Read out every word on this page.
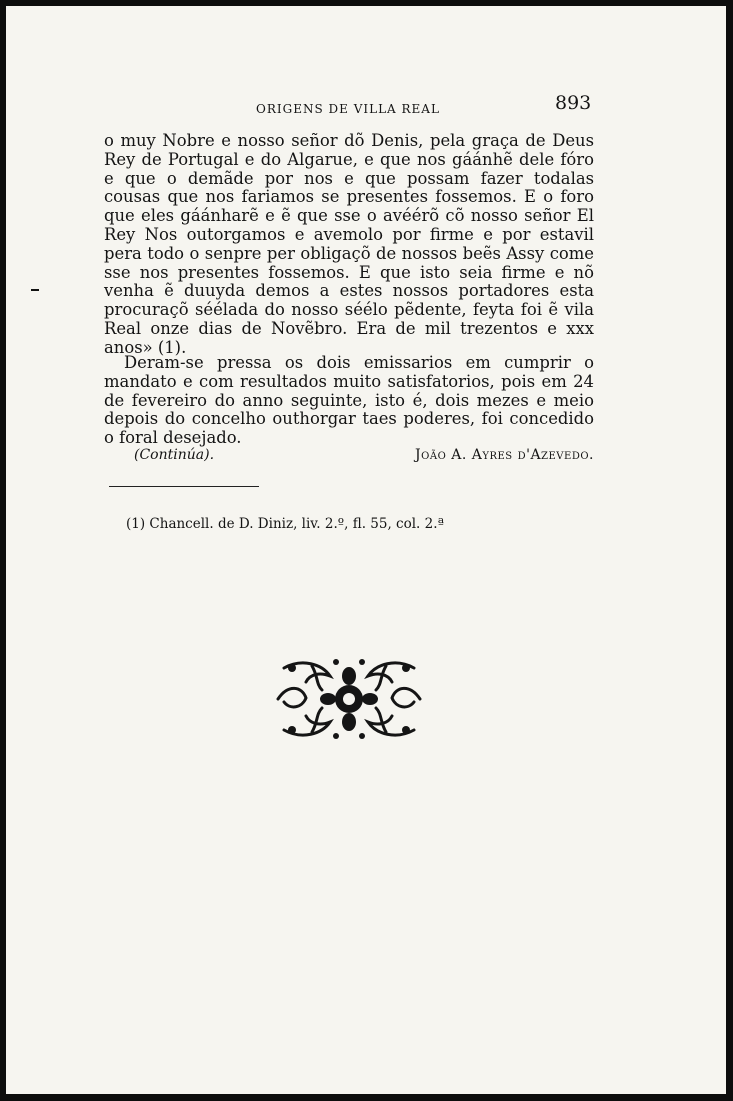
ORIGENS DE VILLA REAL	893

o muy Nobre e nosso señor dõ Denis, pela graça de Deus Rey de Portugal e do Algarue, e que nos gáánhẽ dele fóro e que o demãde por nos e que possam fazer todalas cousas que nos fariamos se presentes fossemos. E o foro que eles gáánharẽ e ẽ que sse o avéérõ cõ nosso señor El Rey Nos outorgamos e avemolo por firme e por estavil pera todo o senpre per obligaçõ de nossos beẽs Assy come sse nos presentes fossemos. E que isto seia firme e nõ venha ẽ duuyda demos a estes nossos portadores esta procuraçõ séélada do nosso séélo pẽdente, feyta foi ẽ vila Real onze dias de Novẽbro. Era de mil trezentos e xxx anos» (1).

Deram-se pressa os dois emissarios em cumprir o mandato e com resultados muito satisfatorios, pois em 24 de fevereiro do anno seguinte, isto é, dois mezes e meio depois do concelho outhorgar taes poderes, foi concedido o foral desejado.

(Continúa).	João A. Ayres d'Azevedo.
(1) Chancell. de D. Diniz, liv. 2.º, fl. 55, col. 2.ª
